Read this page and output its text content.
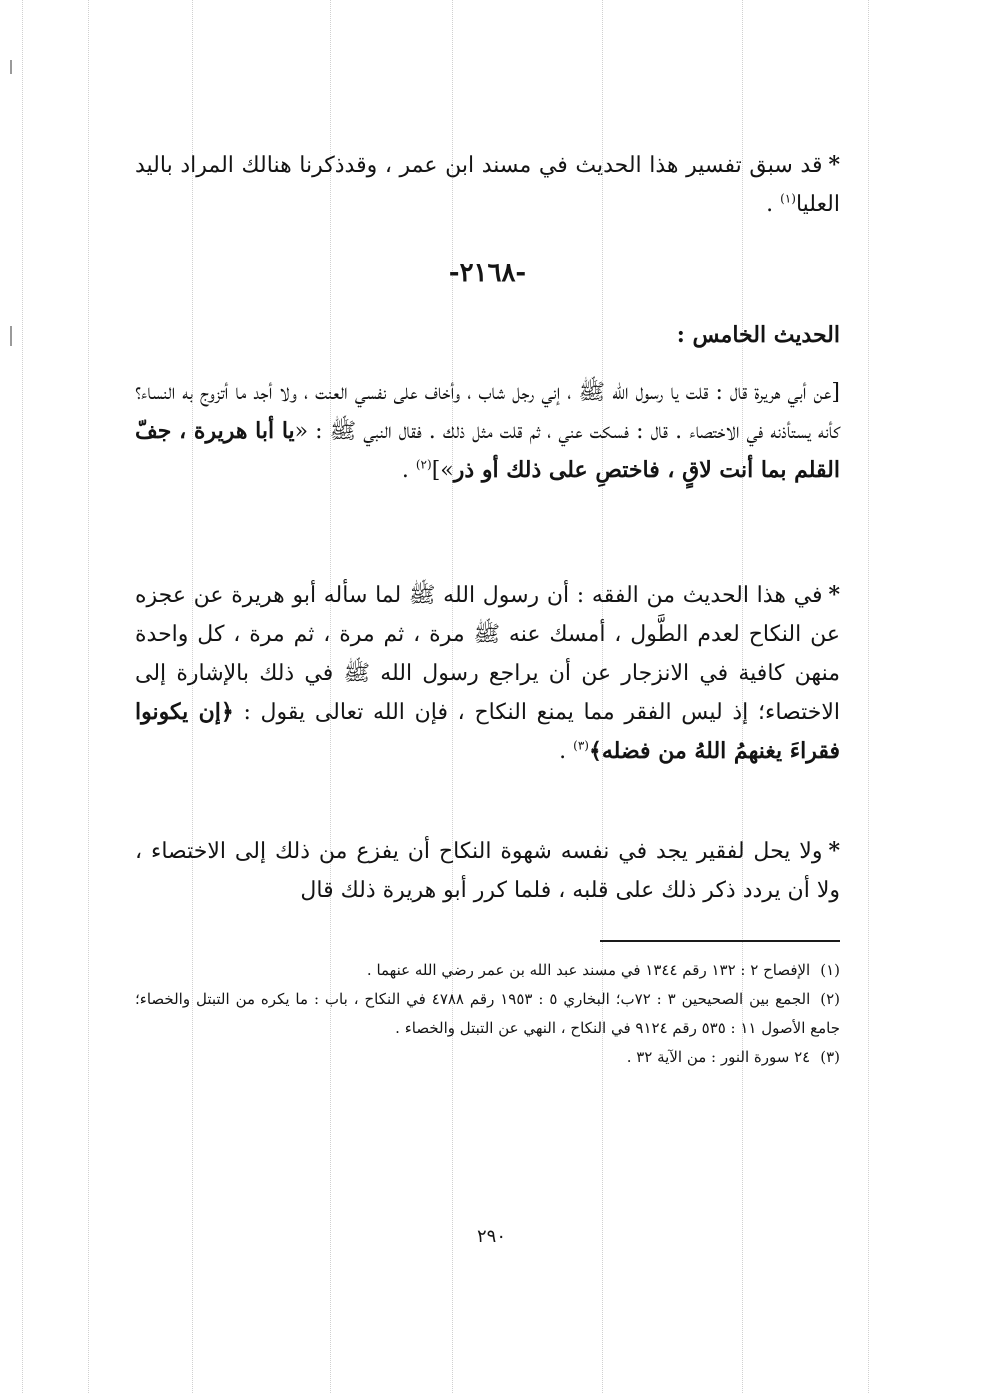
*قد سبق تفسير هذا الحديث في مسند ابن عمر ، وقدذكرنا هنالك المراد باليد العليا$^{(١)}$ .

-٢١٦٨-

الحديث الخامس :

[عن أبي هريرة قال : قلت يا رسول الله ﷺ ، إني رجل شاب ، وأخاف على نفسي العنت ، ولا أجد ما أتزوج به النساء؟ كأنه يستأذنه في الاختصاء . قال : فسكت عني ، ثم قلت مثل ذلك . فقال النبي ﷺ : «يا أبا هريرة ، جفّ القلم بما أنت لاقٍ ، فاختصِ على ذلك أو ذر»]$^{(٢)}$ .

*في هذا الحديث من الفقه : أن رسول الله ﷺ لما سأله أبو هريرة عن عجزه عن النكاح لعدم الطَّول ، أمسك عنه ﷺ مرة ، ثم مرة ، ثم مرة ، كل واحدة منهن كافية في الانزجار عن أن يراجع رسول الله ﷺ في ذلك بالإشارة إلى الاختصاء؛ إذ ليس الفقر مما يمنع النكاح ، فإن الله تعالى يقول : ﴿إن يكونوا فقراءَ يغنهمُ اللهُ من فضله﴾$^{(٣)}$ .

*ولا يحل لفقير يجد في نفسه شهوة النكاح أن يفزع من ذلك إلى الاختصاء ، ولا أن يردد ذكر ذلك على قلبه ، فلما كرر أبو هريرة ذلك قال

(١)الإفصاح ٢ : ١٣٢ رقم ١٣٤٤ في مسند عبد الله بن عمر رضي الله عنهما .

(٢)الجمع بين الصحيحين ٣ : ٧٢ب؛ البخاري ٥ : ١٩٥٣ رقم ٤٧٨٨ في النكاح ، باب : ما يكره من التبتل والخصاء؛ جامع الأصول ١١ : ٥٣٥ رقم ٩١٢٤ في النكاح ، النهي عن التبتل والخصاء .

(٣)٢٤ سورة النور : من الآية ٣٢ .

٢٩٠
